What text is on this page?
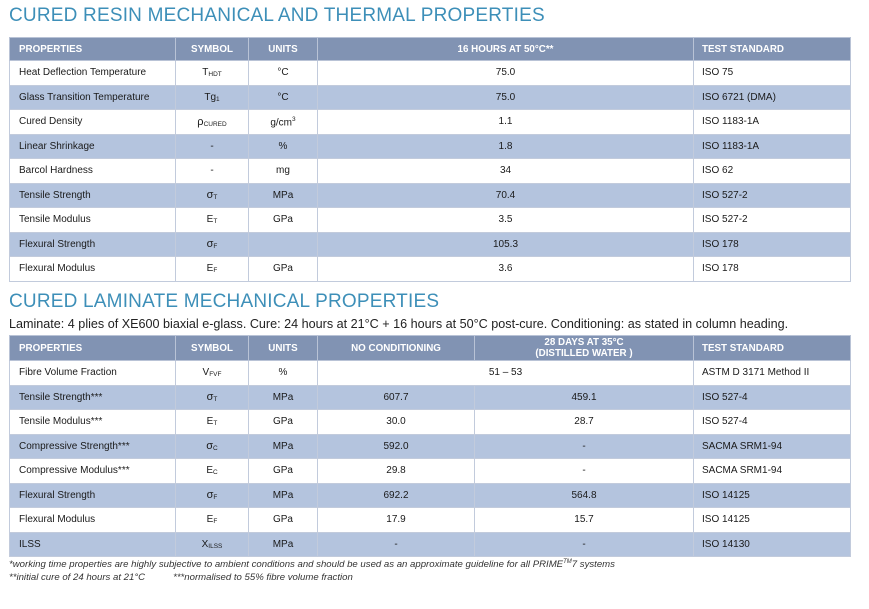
CURED RESIN MECHANICAL AND THERMAL PROPERTIES
PROPERTIES	SYMBOL	UNITS	16 HOURS AT 50°C**	TEST STANDARD
Heat Deflection Temperature	$T_{HDT}$	°C	75.0	ISO 75
Glass Transition Temperature	$Tg_1$	°C	75.0	ISO 6721 (DMA)
Cured Density	$\rho_{CURED}$	$g/cm^3$	1.1	ISO 1183-1A
Linear Shrinkage	-	%	1.8	ISO 1183-1A
Barcol Hardness	-	mg	34	ISO 62
Tensile Strength	$\sigma_T$	MPa	70.4	ISO 527-2
Tensile Modulus	$E_T$	GPa	3.5	ISO 527-2
Flexural Strength	$\sigma_F$		105.3	ISO 178
Flexural Modulus	$E_F$	GPa	3.6	ISO 178
CURED LAMINATE MECHANICAL PROPERTIES
Laminate: 4 plies of XE600 biaxial e-glass. Cure: 24 hours at 21°C + 16 hours at 50°C post-cure. Conditioning: as stated in column heading.
PROPERTIES	SYMBOL	UNITS	NO CONDITIONING	28 DAYS AT 35°C
(DISTILLED WATER )	TEST STANDARD
Fibre Volume Fraction	$V_{FVF}$	%	51 – 53		ASTM D 3171 Method II
Tensile Strength***	$\sigma_T$	MPa	607.7	459.1	ISO 527-4
Tensile Modulus***	$E_T$	GPa	30.0	28.7	ISO 527-4
Compressive Strength***	$\sigma_C$	MPa	592.0	-	SACMA SRM1-94
Compressive Modulus***	$E_C$	GPa	29.8	-	SACMA SRM1-94
Flexural Strength	$\sigma_F$	MPa	692.2	564.8	ISO 14125
Flexural Modulus	$E_F$	GPa	17.9	15.7	ISO 14125
ILSS	$X_{ILSS}$	MPa	-	-	ISO 14130
*working time properties are highly subjective to ambient conditions and should be used as an approximate guideline for all PRIME™7 systems
**initial cure of 24 hours at 21°C	***normalised to 55% fibre volume fraction
